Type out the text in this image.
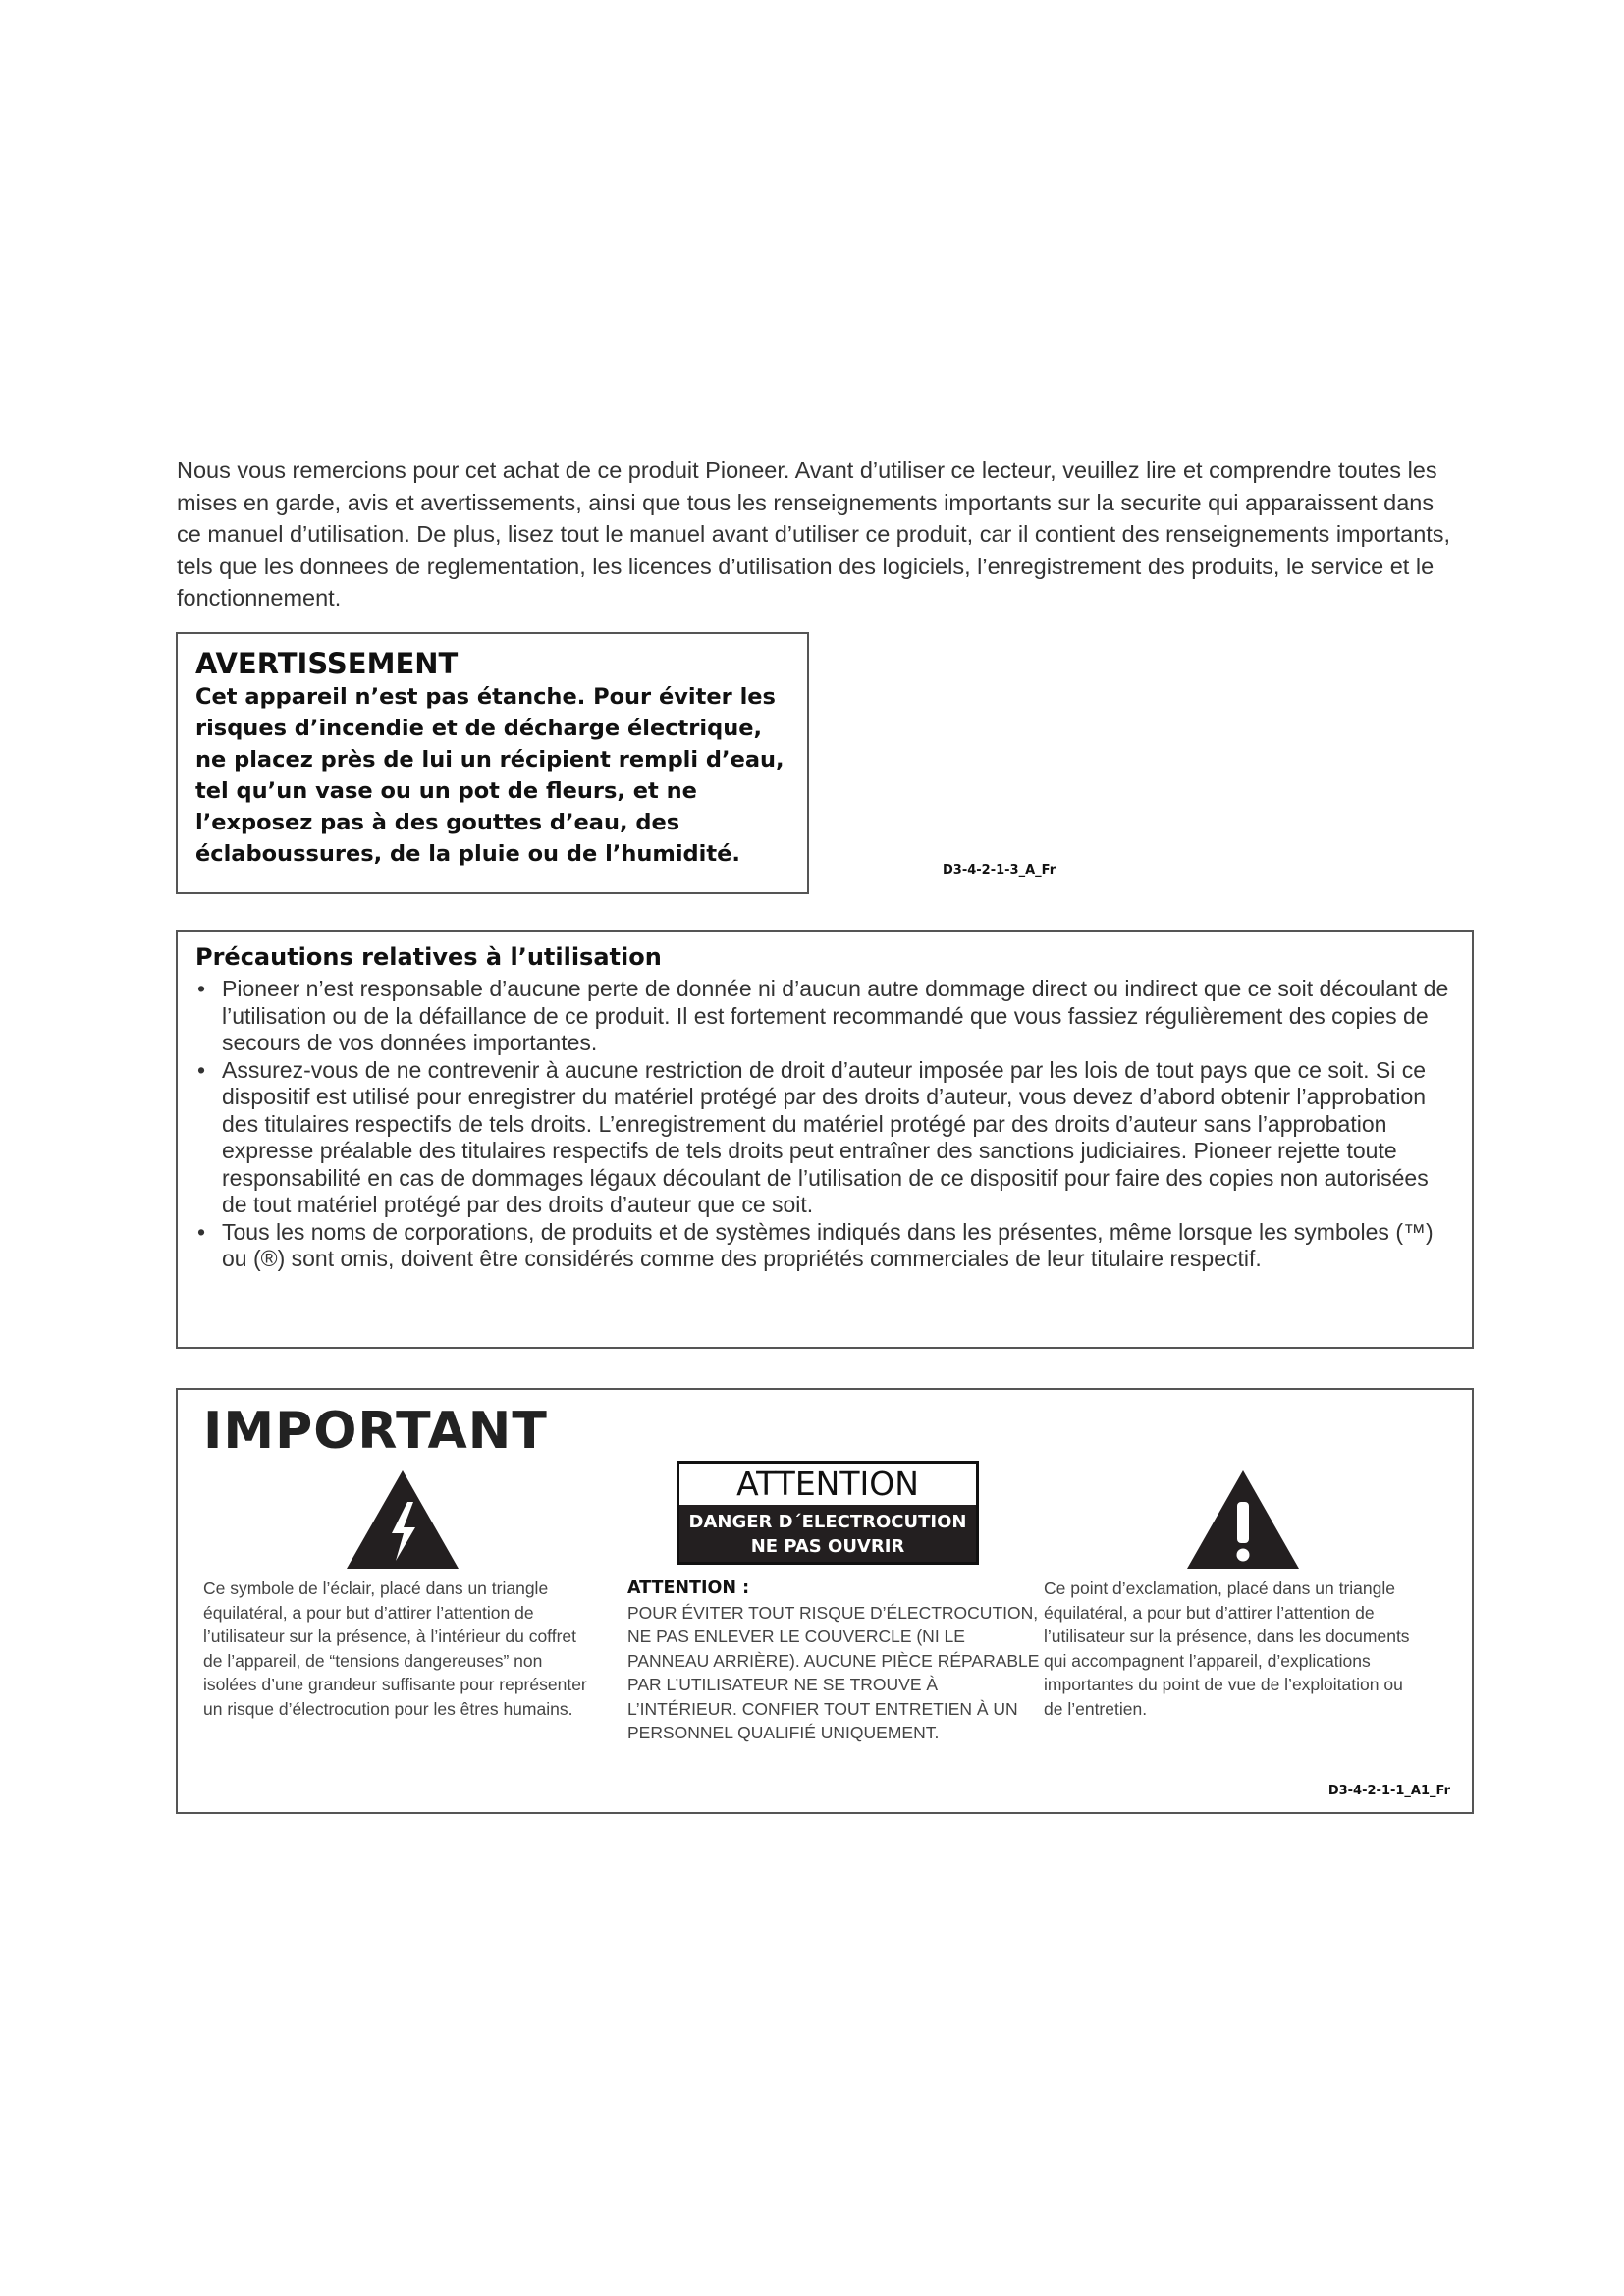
Nous vous remercions pour cet achat de ce produit Pioneer. Avant d’utiliser ce lecteur, veuillez lire et comprendre toutes les mises en garde, avis et avertissements, ainsi que tous les renseignements importants sur la securite qui apparaissent dans ce manuel d’utilisation. De plus, lisez tout le manuel avant d’utiliser ce produit, car il contient des renseignements importants, tels que les donnees de reglementation, les licences d’utilisation des logiciels, l’enregistrement des produits, le service et le fonctionnement.

AVERTISSEMENT

Cet appareil n’est pas étanche. Pour éviter les risques d’incendie et de décharge électrique, ne placez près de lui un récipient rempli d’eau, tel qu’un vase ou un pot de fleurs, et ne l’exposez pas à des gouttes d’eau, des éclaboussures, de la pluie ou de l’humidité.

D3-4-2-1-3_A_Fr
Précautions relatives à l’utilisation
• Pioneer n’est responsable d’aucune perte de donnée ni d’aucun autre dommage direct ou indirect que ce soit découlant de l’utilisation ou de la défaillance de ce produit. Il est fortement recommandé que vous fassiez régulièrement des copies de secours de vos données importantes.
• Assurez-vous de ne contrevenir à aucune restriction de droit d’auteur imposée par les lois de tout pays que ce soit. Si ce dispositif est utilisé pour enregistrer du matériel protégé par des droits d’auteur, vous devez d’abord obtenir l’approbation des titulaires respectifs de tels droits. L’enregistrement du matériel protégé par des droits d’auteur sans l’approbation expresse préalable des titulaires respectifs de tels droits peut entraîner des sanctions judiciaires. Pioneer rejette toute responsabilité en cas de dommages légaux découlant de l’utilisation de ce dispositif pour faire des copies non autorisées de tout matériel protégé par des droits d’auteur que ce soit.
• Tous les noms de corporations, de produits et de systèmes indiqués dans les présentes, même lorsque les symboles (™) ou (®) sont omis, doivent être considérés comme des propriétés commerciales de leur titulaire respectif.
IMPORTANT
ATTENTION
DANGER D´ELECTROCUTION
NE PAS OUVRIR
Ce symbole de l’éclair, placé dans un triangle équilatéral, a pour but d’attirer l’attention de l’utilisateur sur la présence, à l’intérieur du coffret de l’appareil, de “tensions dangereuses” non isolées d’une grandeur suffisante pour représenter un risque d’électrocution pour les êtres humains.
ATTENTION :
POUR ÉVITER TOUT RISQUE D’ÉLECTROCUTION, NE PAS ENLEVER LE COUVERCLE (NI LE PANNEAU ARRIÈRE). AUCUNE PIÈCE RÉPARABLE PAR L’UTILISATEUR NE SE TROUVE À L’INTÉRIEUR. CONFIER TOUT ENTRETIEN À UN PERSONNEL QUALIFIÉ UNIQUEMENT.
Ce point d’exclamation, placé dans un triangle équilatéral, a pour but d’attirer l’attention de l’utilisateur sur la présence, dans les documents qui accompagnent l’appareil, d’explications importantes du point de vue de l’exploitation ou de l’entretien.
D3-4-2-1-1_A1_Fr
